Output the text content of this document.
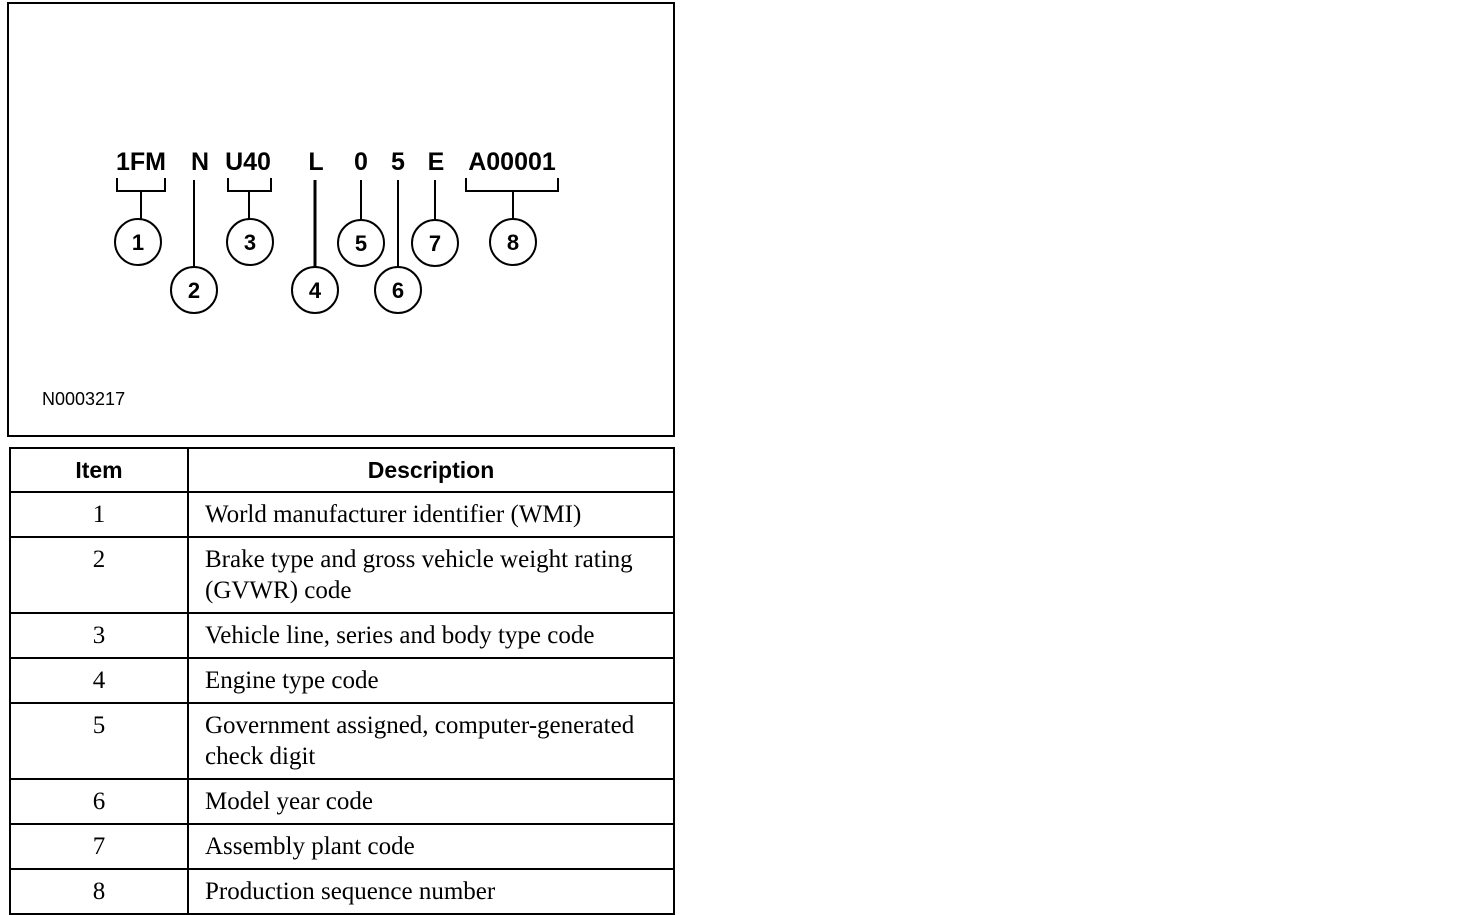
1FM N U40 L 0 5 E A00001
1
2
3
4
5
6
7	8
N0003217
Item	Description
1	World manufacturer identifier (WMI)
2	Brake type and gross vehicle weight rating (GVWR) code
3	Vehicle line, series and body type code
4	Engine type code
5	Government assigned, computer-generated check digit
6	Model year code
7	Assembly plant code
8	Production sequence number
